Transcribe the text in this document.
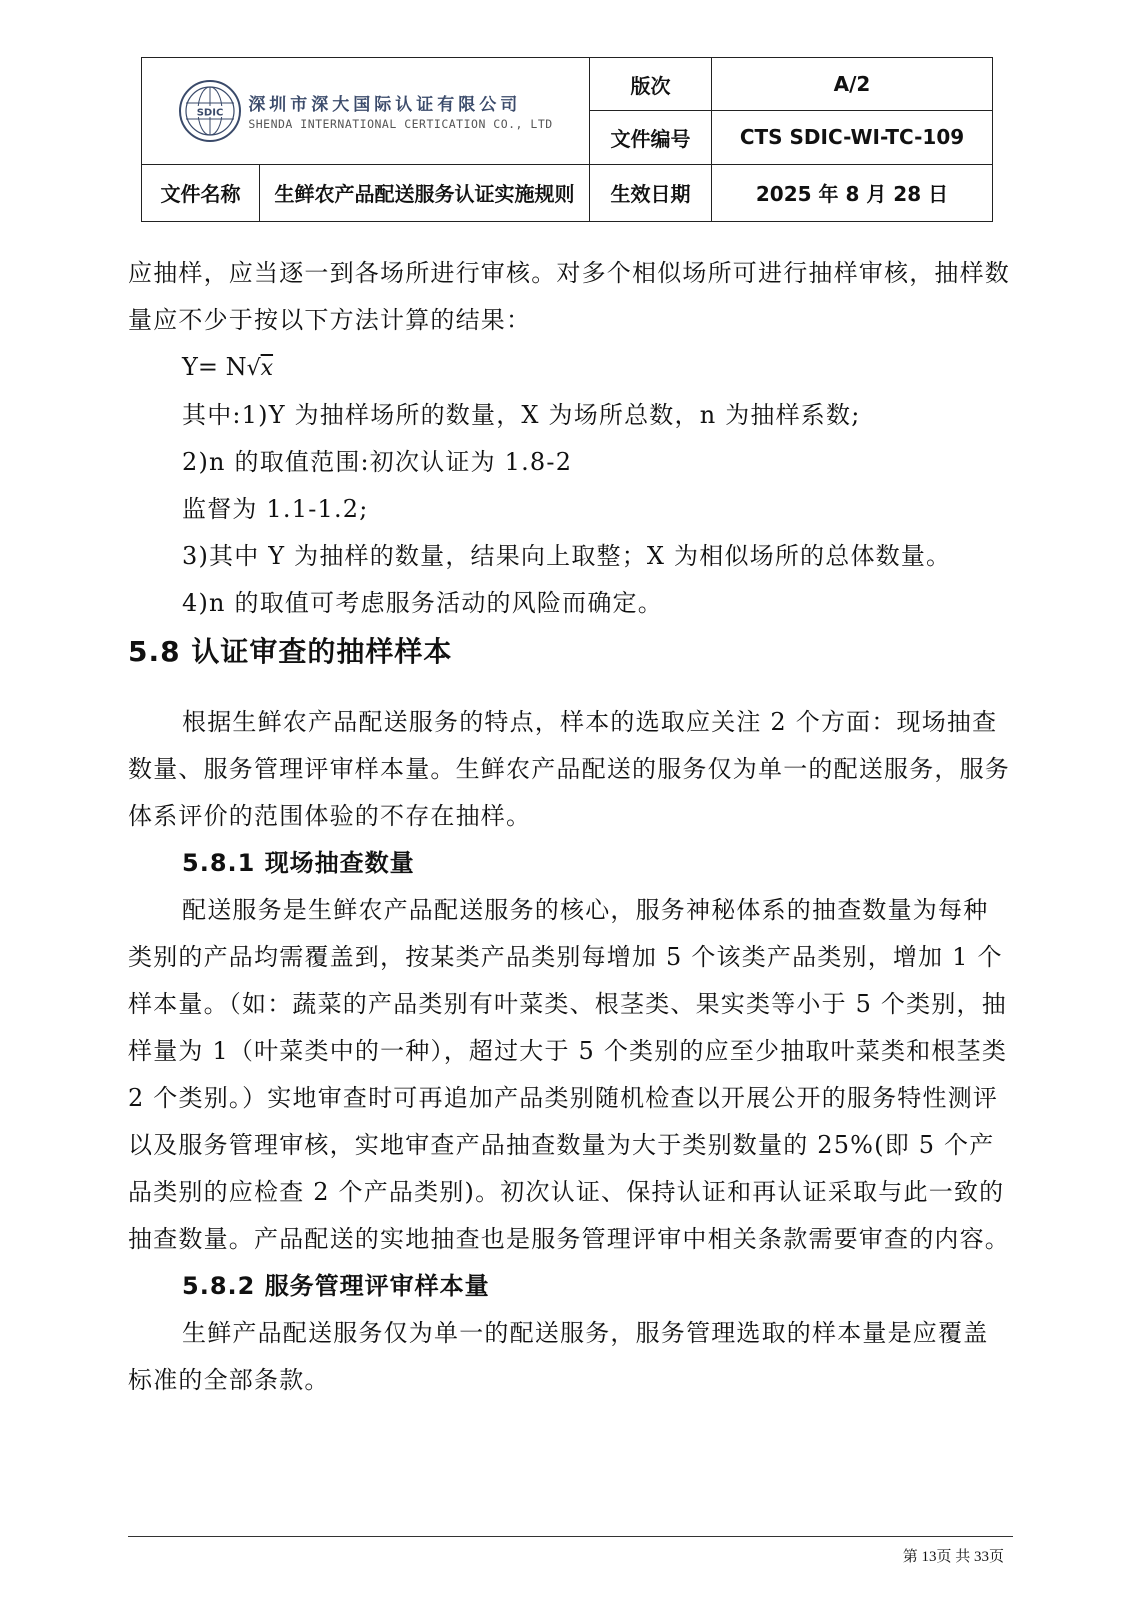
SDIC 深圳市深大国际认证有限公司
SHENDA INTERNATIONAL CERTICATION CO., LTD		版次	A/2
		文件编号	CTS SDIC-WI-TC-109
文件名称	生鲜农产品配送服务认证实施规则	生效日期	2025 年 8 月 28 日

应抽样，应当逐一到各场所进行审核。对多个相似场所可进行抽样审核，抽样数量应不少于按以下方法计算的结果：

Y= N√x

其中:1)Y 为抽样场所的数量，X 为场所总数，n 为抽样系数;

2)n 的取值范围:初次认证为 1.8-2

监督为 1.1-1.2;

3)其中 Y 为抽样的数量，结果向上取整；X 为相似场所的总体数量。

4)n 的取值可考虑服务活动的风险而确定。

5.8 认证审查的抽样样本

根据生鲜农产品配送服务的特点，样本的选取应关注 2 个方面：现场抽查数量、服务管理评审样本量。生鲜农产品配送的服务仅为单一的配送服务，服务体系评价的范围体验的不存在抽样。

5.8.1 现场抽查数量

配送服务是生鲜农产品配送服务的核心，服务神秘体系的抽查数量为每种类别的产品均需覆盖到，按某类产品类别每增加 5 个该类产品类别，增加 1 个样本量。（如：蔬菜的产品类别有叶菜类、根茎类、果实类等小于 5 个类别，抽样量为 1（叶菜类中的一种），超过大于 5 个类别的应至少抽取叶菜类和根茎类 2 个类别。）实地审查时可再追加产品类别随机检查以开展公开的服务特性测评以及服务管理审核，实地审查产品抽查数量为大于类别数量的 25%(即 5 个产品类别的应检查 2 个产品类别)。初次认证、保持认证和再认证采取与此一致的抽查数量。产品配送的实地抽查也是服务管理评审中相关条款需要审查的内容。

5.8.2 服务管理评审样本量

生鲜产品配送服务仅为单一的配送服务，服务管理选取的样本量是应覆盖标准的全部条款。

第 13页 共 33页
